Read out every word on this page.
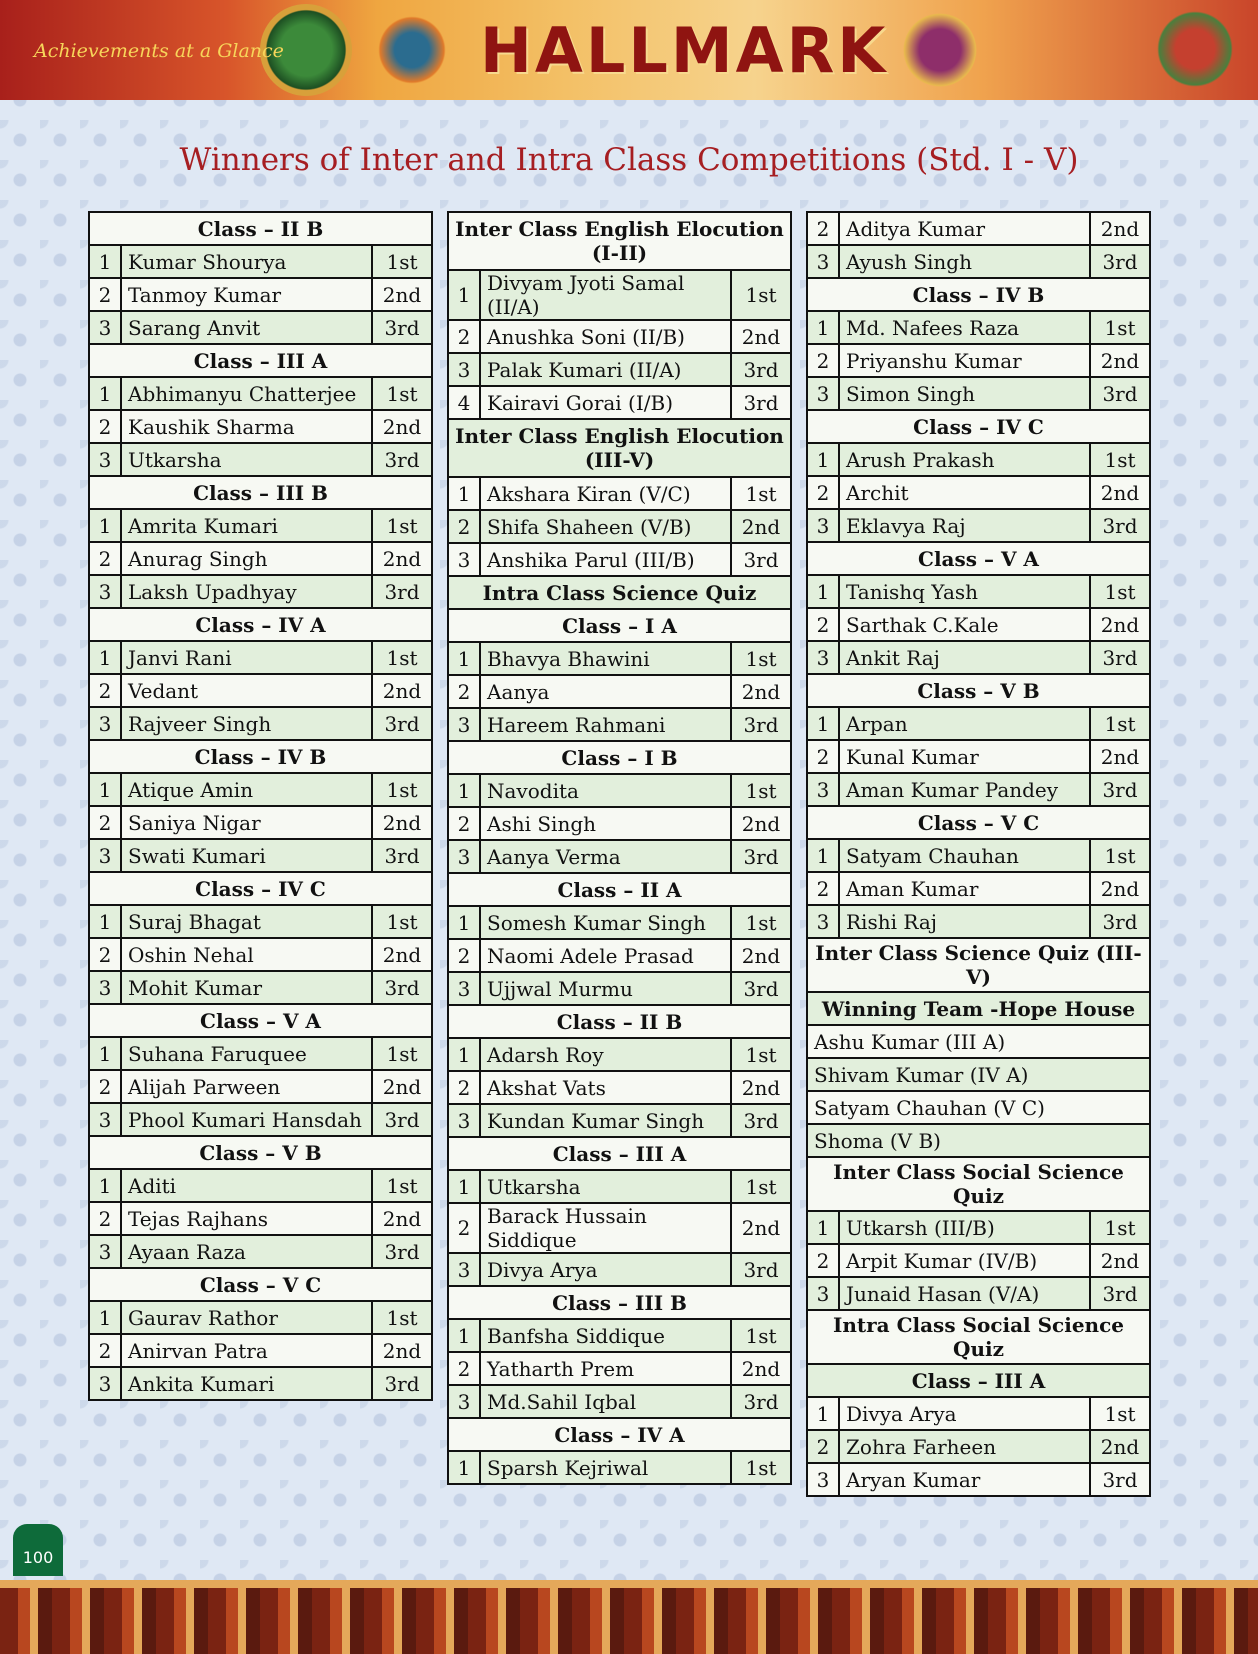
Achievements at a Glance	HALLMARK
Winners of Inter and Intra Class Competitions (Std. I - V)
Class – II B
1 Kumar Shourya	1st
2 Tanmoy Kumar	2nd
3 Sarang Anvit	3rd
Class – III A
1 Abhimanyu Chatterjee	1st
2 Kaushik Sharma	2nd
3 Utkarsha	3rd
Class – III B
1 Amrita Kumari	1st
2 Anurag Singh	2nd
3 Laksh Upadhyay	3rd
Class – IV A
1 Janvi Rani	1st
2 Vedant	2nd
3 Rajveer Singh	3rd
Class – IV B
1 Atique Amin	1st
2 Saniya Nigar	2nd
3 Swati Kumari	3rd
Class – IV C
1 Suraj Bhagat	1st
2 Oshin Nehal	2nd
3 Mohit Kumar	3rd
Class – V A
1 Suhana Faruquee	1st
2 Alijah Parween	2nd
3 Phool Kumari Hansdah	3rd
Class – V B
1 Aditi	1st
2 Tejas Rajhans	2nd
3 Ayaan Raza	3rd
Class – V C
1 Gaurav Rathor	1st
2 Anirvan Patra	2nd
3 Ankita Kumari	3rd
Inter Class English Elocution (I-II)
1 Divyam Jyoti Samal (II/A)	1st
2 Anushka Soni (II/B)	2nd
3 Palak Kumari (II/A)	3rd
4 Kairavi Gorai (I/B)	3rd
Inter Class English Elocution (III-V)
1 Akshara Kiran (V/C)	1st
2 Shifa Shaheen (V/B)	2nd
3 Anshika Parul (III/B)	3rd
Intra Class Science Quiz
Class – I A
1 Bhavya Bhawini	1st
2 Aanya	2nd
3 Hareem Rahmani	3rd
Class – I B
1 Navodita	1st
2 Ashi Singh	2nd
3 Aanya Verma	3rd
Class – II A
1 Somesh Kumar Singh	1st
2 Naomi Adele Prasad	2nd
3 Ujjwal Murmu	3rd
Class – II B
1 Adarsh Roy	1st
2 Akshat Vats	2nd
3 Kundan Kumar Singh	3rd
Class – III A
1 Utkarsha	1st
2 Barack Hussain Siddique	2nd
3 Divya Arya	3rd
Class – III B
1 Banfsha Siddique	1st
2 Yatharth Prem	2nd
3 Md.Sahil Iqbal	3rd
Class – IV A
1 Sparsh Kejriwal	1st
2 Aditya Kumar	2nd
3 Ayush Singh	3rd
Class – IV B
1 Md. Nafees Raza	1st
2 Priyanshu Kumar	2nd
3 Simon Singh	3rd
Class – IV C
1 Arush Prakash	1st
2 Archit	2nd
3 Eklavya Raj	3rd
Class – V A
1 Tanishq Yash	1st
2 Sarthak C.Kale	2nd
3 Ankit Raj	3rd
Class – V B
1 Arpan	1st
2 Kunal Kumar	2nd
3 Aman Kumar Pandey	3rd
Class – V C
1 Satyam Chauhan	1st
2 Aman Kumar	2nd
3 Rishi Raj	3rd
Inter Class Science Quiz (III-V)
Winning Team -Hope House
Ashu Kumar (III A)
Shivam Kumar (IV A)
Satyam Chauhan (V C)
Shoma (V B)
Inter Class Social Science Quiz
1 Utkarsh (III/B)	1st
2 Arpit Kumar (IV/B)	2nd
3 Junaid Hasan (V/A)	3rd
Intra Class Social Science Quiz
Class – III A
1 Divya Arya	1st
2 Zohra Farheen	2nd
3 Aryan Kumar	3rd
100
